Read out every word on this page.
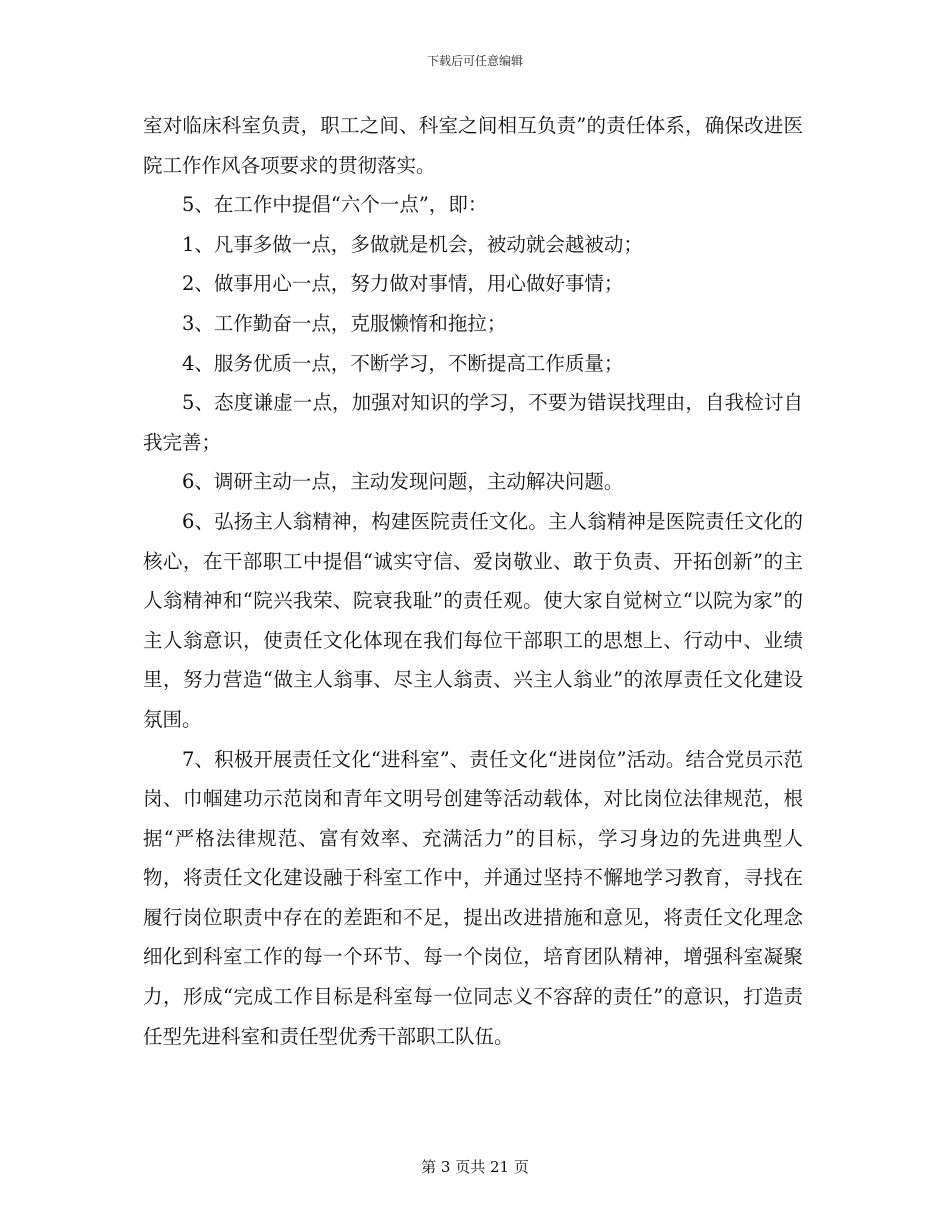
下载后可任意编辑

室对临床科室负责，职工之间、科室之间相互负责”的责任体系，确保改进医院工作作风各项要求的贯彻落实。

5、在工作中提倡“六个一点”，即：

1、凡事多做一点，多做就是机会，被动就会越被动；

2、做事用心一点，努力做对事情，用心做好事情；

3、工作勤奋一点，克服懒惰和拖拉；

4、服务优质一点，不断学习，不断提高工作质量；

5、态度谦虚一点，加强对知识的学习，不要为错误找理由，自我检讨自我完善；

6、调研主动一点，主动发现问题，主动解决问题。

6、弘扬主人翁精神，构建医院责任文化。主人翁精神是医院责任文化的核心，在干部职工中提倡“诚实守信、爱岗敬业、敢于负责、开拓创新”的主人翁精神和“院兴我荣、院衰我耻”的责任观。使大家自觉树立“以院为家”的主人翁意识，使责任文化体现在我们每位干部职工的思想上、行动中、业绩里，努力营造“做主人翁事、尽主人翁责、兴主人翁业”的浓厚责任文化建设氛围。

7、积极开展责任文化“进科室”、责任文化“进岗位”活动。结合党员示范岗、巾帼建功示范岗和青年文明号创建等活动载体，对比岗位法律规范，根据“严格法律规范、富有效率、充满活力”的目标，学习身边的先进典型人物，将责任文化建设融于科室工作中，并通过坚持不懈地学习教育，寻找在履行岗位职责中存在的差距和不足，提出改进措施和意见，将责任文化理念细化到科室工作的每一个环节、每一个岗位，培育团队精神，增强科室凝聚力，形成“完成工作目标是科室每一位同志义不容辞的责任”的意识，打造责任型先进科室和责任型优秀干部职工队伍。

第 3 页共 21 页
